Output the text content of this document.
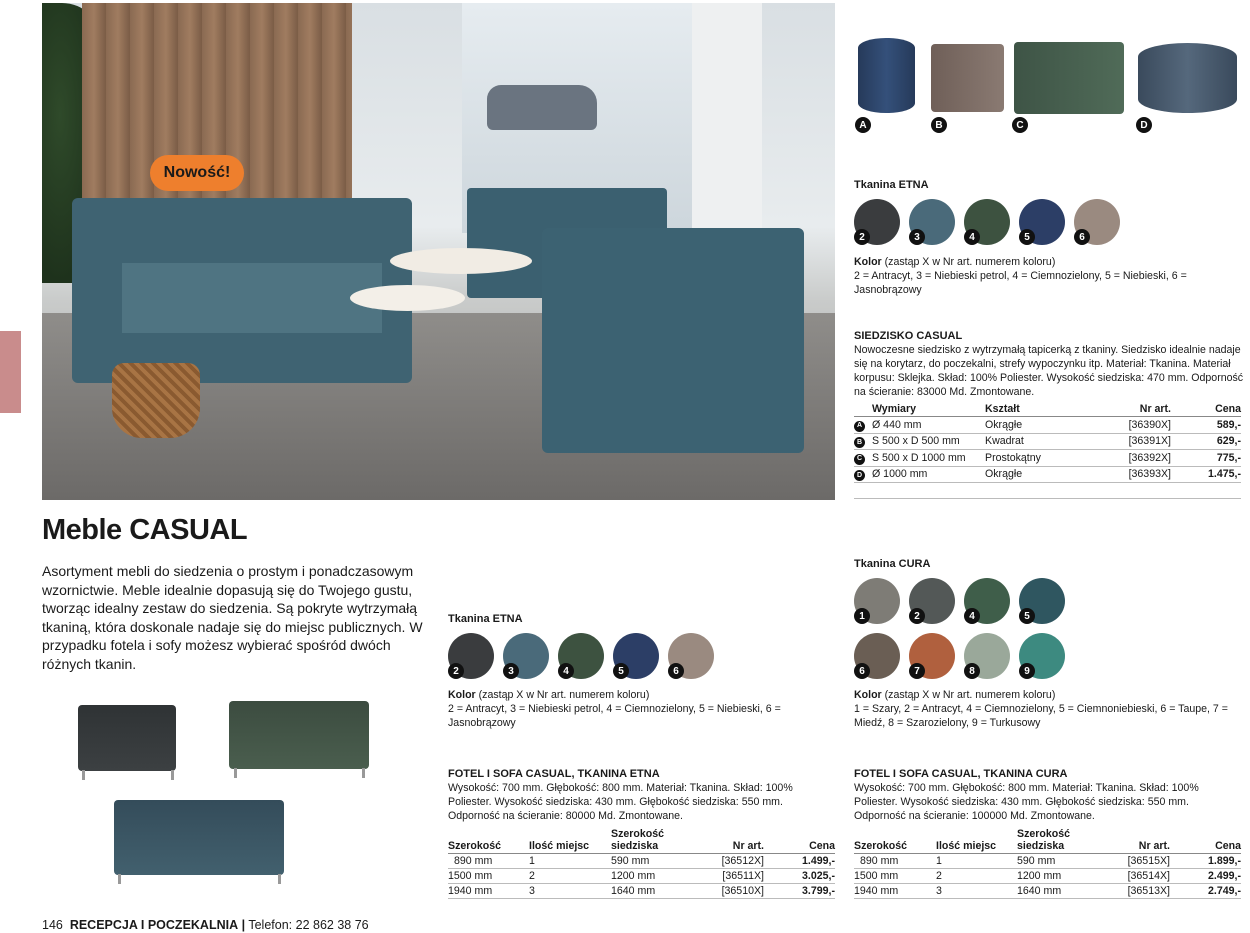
Nowość!
A	B	C	D
Tkanina ETNA
2	3	4	5	6
Kolor (zastąp X w Nr art. numerem koloru)
2 = Antracyt, 3 = Niebieski petrol, 4 = Ciemnozielony, 5 = Niebieski, 6 = Jasnobrązowy
SIEDZISKO CASUAL
Nowoczesne siedzisko z wytrzymałą tapicerką z tkaniny. Siedzisko idealnie nadaje się na korytarz, do poczekalni, strefy wypoczynku itp. Materiał: Tkanina. Materiał korpusu: Sklejka. Skład: 100% Poliester. Wysokość siedziska: 470 mm. Odporność na ścieranie: 83000 Md. Zmontowane.
	Wymiary	Kształt	Nr art.	Cena
A	Ø 440 mm	Okrągłe	[36390X]	589,-
B	S 500 x D 500 mm	Kwadrat	[36391X]	629,-
C	S 500 x D 1000 mm	Prostokątny	[36392X]	775,-
D	Ø 1000 mm	Okrągłe	[36393X]	1.475,-
Meble CASUAL
Asortyment mebli do siedzenia o prostym i ponadczasowym wzornictwie. Meble idealnie dopasują się do Twojego gustu, tworząc idealny zestaw do siedzenia. Są pokryte wytrzymałą tkaniną, która doskonale nadaje się do miejsc publicznych. W przypadku fotela i sofy możesz wybierać spośród dwóch różnych tkanin.
Tkanina ETNA
2	3	4	5	6
Kolor (zastąp X w Nr art. numerem koloru)
2 = Antracyt, 3 = Niebieski petrol, 4 = Ciemnozielony, 5 = Niebieski, 6 = Jasnobrązowy
Tkanina CURA
1	2	4	5
6	7	8	9
Kolor (zastąp X w Nr art. numerem koloru)
1 = Szary, 2 = Antracyt, 4 = Ciemnozielony, 5 = Ciemnoniebieski, 6 = Taupe, 7 = Miedź, 8 = Szarozielony, 9 = Turkusowy
FOTEL I SOFA CASUAL, TKANINA ETNA
Wysokość: 700 mm. Głębokość: 800 mm. Materiał: Tkanina. Skład: 100% Poliester. Wysokość siedziska: 430 mm. Głębokość siedziska: 550 mm. Odporność na ścieranie: 80000 Md. Zmontowane.
Szerokość	Ilość miejsc	Szerokość siedziska	Nr art.	Cena
890 mm	1	590 mm	[36512X]	1.499,-
1500 mm	2	1200 mm	[36511X]	3.025,-
1940 mm	3	1640 mm	[36510X]	3.799,-
FOTEL I SOFA CASUAL, TKANINA CURA
Wysokość: 700 mm. Głębokość: 800 mm. Materiał: Tkanina. Skład: 100% Poliester. Wysokość siedziska: 430 mm. Głębokość siedziska: 550 mm. Odporność na ścieranie: 100000 Md. Zmontowane.
Szerokość	Ilość miejsc	Szerokość siedziska	Nr art.	Cena
890 mm	1	590 mm	[36515X]	1.899,-
1500 mm	2	1200 mm	[36514X]	2.499,-
1940 mm	3	1640 mm	[36513X]	2.749,-
146 RECEPCJA I POCZEKALNIA | Telefon: 22 862 38 76
